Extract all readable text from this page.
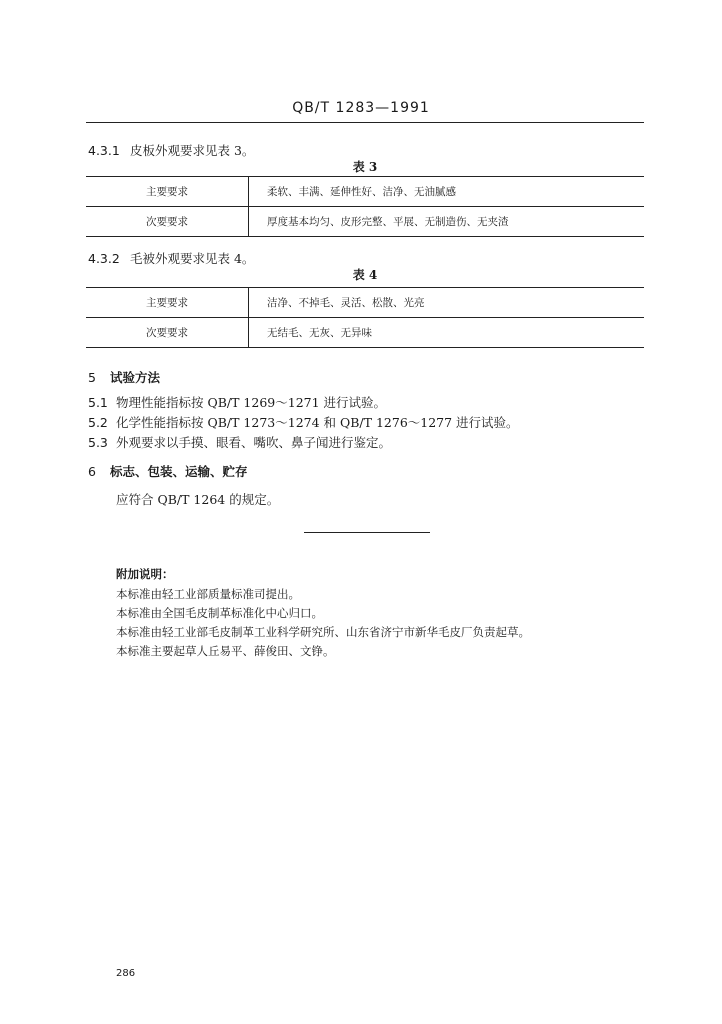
QB/T 1283—1991
4.3.1 皮板外观要求见表 3。
表 3
主要要求	柔软、丰满、延伸性好、洁净、无油腻感
次要要求	厚度基本均匀、皮形完整、平展、无制造伤、无夹渣
4.3.2 毛被外观要求见表 4。
表 4
主要要求	洁净、不掉毛、灵活、松散、光亮
次要要求	无结毛、无灰、无异味
5 试验方法
5.1 物理性能指标按 QB/T 1269～1271 进行试验。
5.2 化学性能指标按 QB/T 1273～1274 和 QB/T 1276～1277 进行试验。
5.3 外观要求以手摸、眼看、嘴吹、鼻子闻进行鉴定。
6 标志、包装、运输、贮存
应符合 QB/T 1264 的规定。
附加说明：
本标准由轻工业部质量标准司提出。
本标准由全国毛皮制革标准化中心归口。
本标准由轻工业部毛皮制革工业科学研究所、山东省济宁市新华毛皮厂负责起草。
本标准主要起草人丘易平、薛俊田、文铮。
286
